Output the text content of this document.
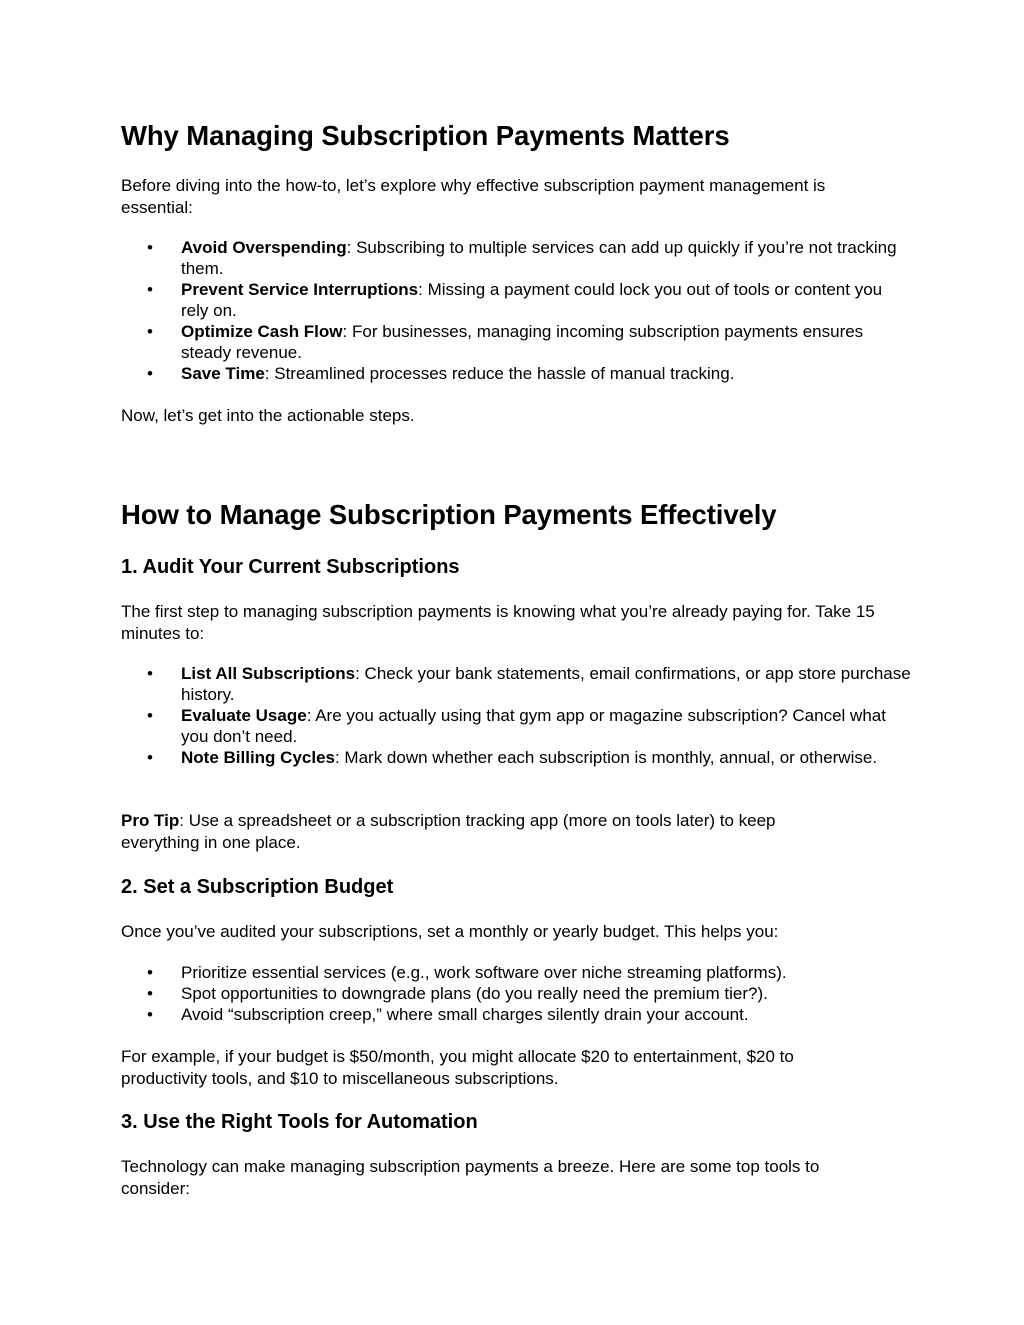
Why Managing Subscription Payments Matters

Before diving into the how-to, let’s explore why effective subscription payment management is essential:

• Avoid Overspending: Subscribing to multiple services can add up quickly if you’re not tracking them.
• Prevent Service Interruptions: Missing a payment could lock you out of tools or content you rely on.
• Optimize Cash Flow: For businesses, managing incoming subscription payments ensures steady revenue.
• Save Time: Streamlined processes reduce the hassle of manual tracking.

Now, let’s get into the actionable steps.

How to Manage Subscription Payments Effectively
1. Audit Your Current Subscriptions

The first step to managing subscription payments is knowing what you’re already paying for. Take 15 minutes to:

• List All Subscriptions: Check your bank statements, email confirmations, or app store purchase history.
• Evaluate Usage: Are you actually using that gym app or magazine subscription? Cancel what you don’t need.
• Note Billing Cycles: Mark down whether each subscription is monthly, annual, or otherwise.

Pro Tip: Use a spreadsheet or a subscription tracking app (more on tools later) to keep everything in one place.

2. Set a Subscription Budget

Once you’ve audited your subscriptions, set a monthly or yearly budget. This helps you:

• Prioritize essential services (e.g., work software over niche streaming platforms).
• Spot opportunities to downgrade plans (do you really need the premium tier?).
• Avoid “subscription creep,” where small charges silently drain your account.

For example, if your budget is $50/month, you might allocate $20 to entertainment, $20 to productivity tools, and $10 to miscellaneous subscriptions.

3. Use the Right Tools for Automation

Technology can make managing subscription payments a breeze. Here are some top tools to consider:
